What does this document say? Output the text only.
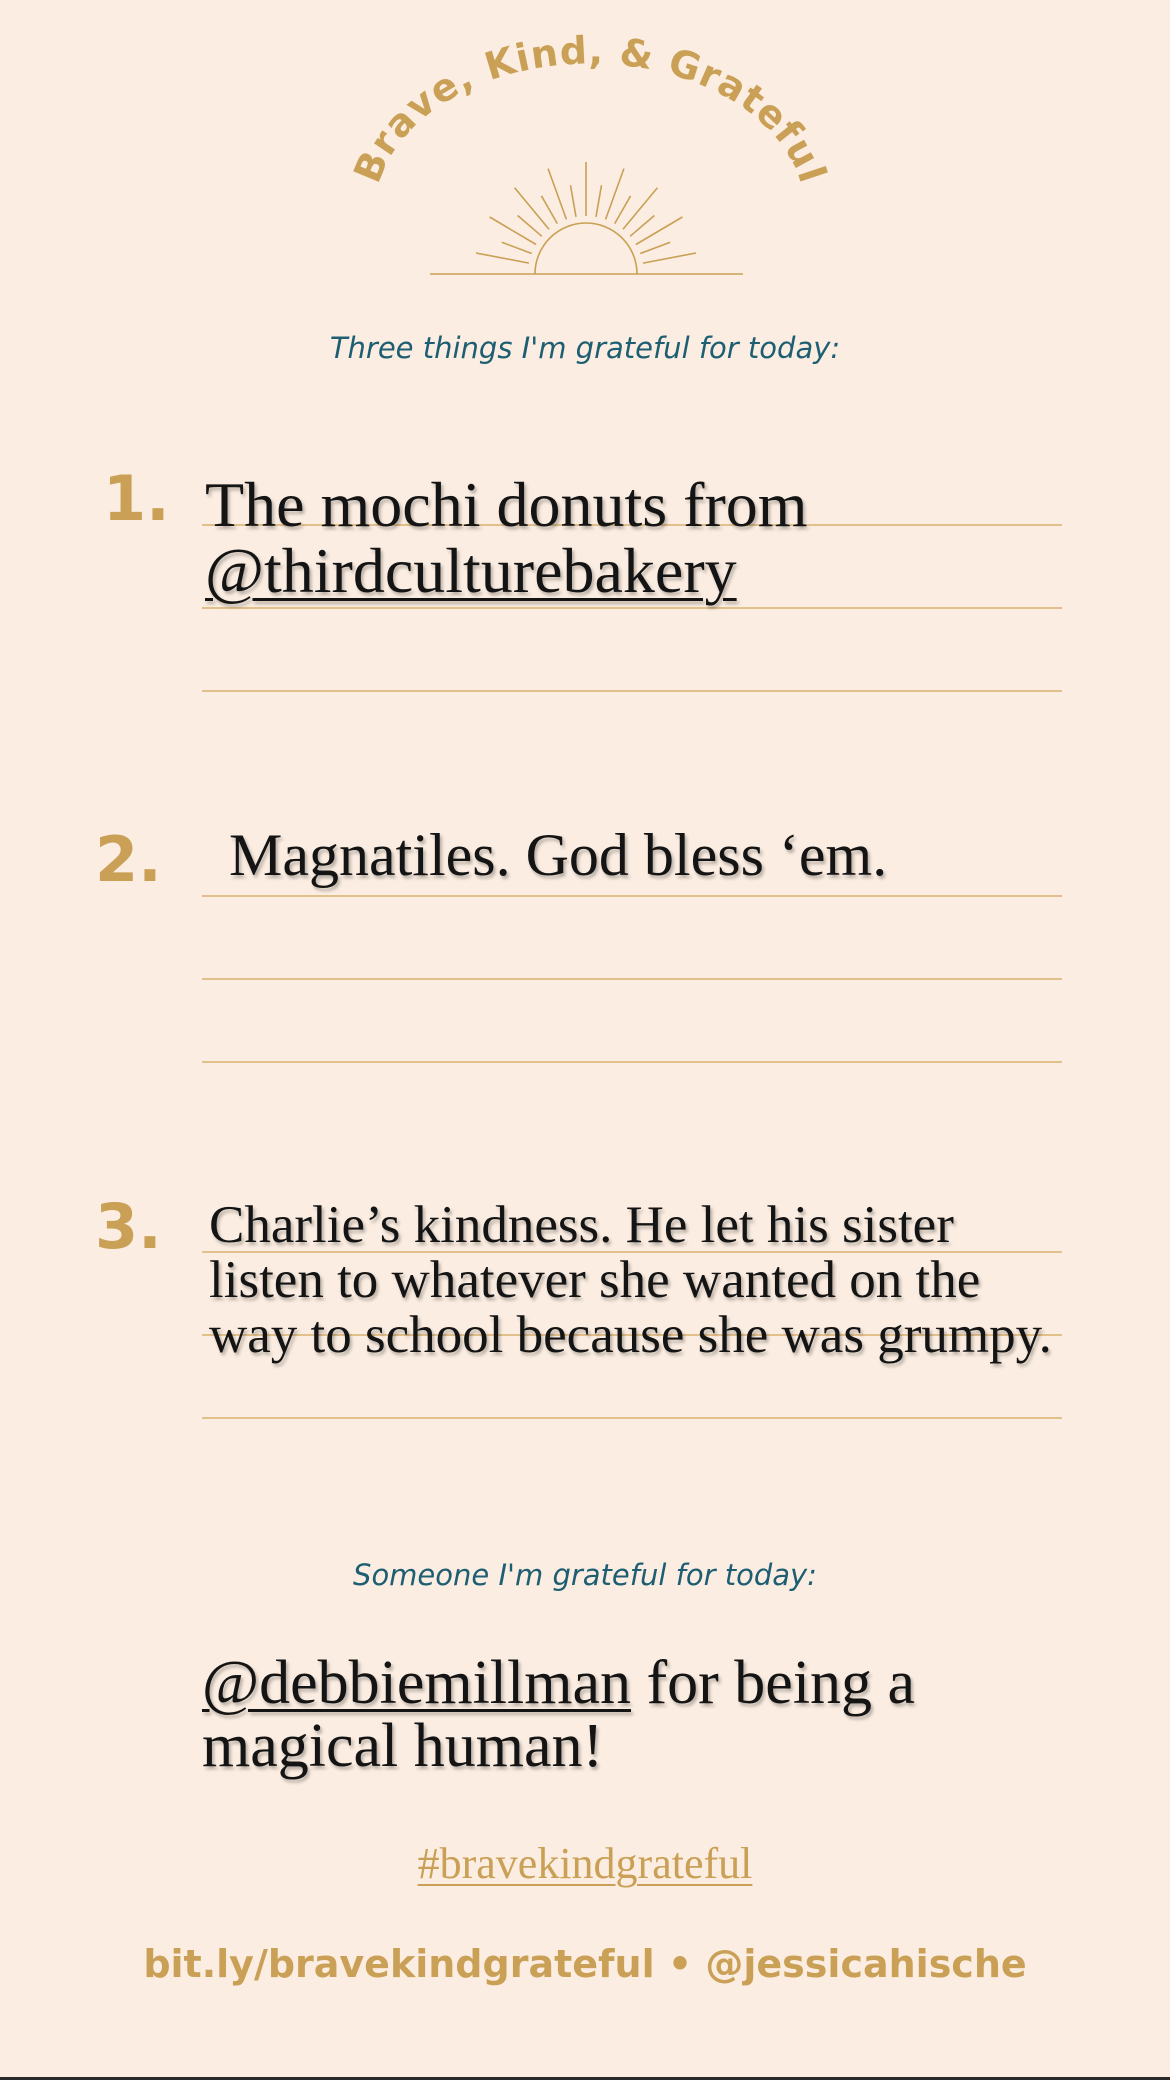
Brave, Kind, & Grateful
Three things I'm grateful for today:
1. The mochi donuts from
@thirdculturebakery
2. Magnatiles. God bless ‘em.
3. Charlie’s kindness. He let his sister listen to whatever she wanted on the way to school because she was grumpy.
Someone I'm grateful for today:
@debbiemillman for being a magical human!
#bravekindgrateful
bit.ly/bravekindgrateful • @jessicahische
